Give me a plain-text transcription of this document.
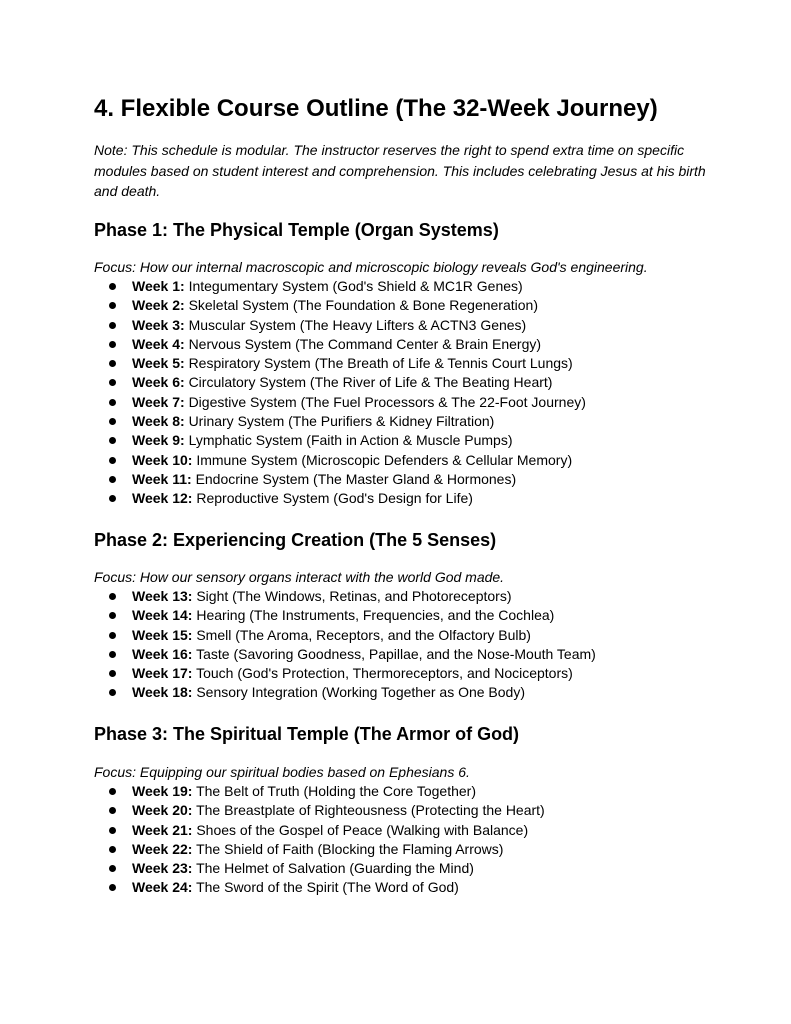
4. Flexible Course Outline (The 32-Week Journey)

Note: This schedule is modular. The instructor reserves the right to spend extra time on specific modules based on student interest and comprehension. This includes celebrating Jesus at his birth and death.

Phase 1: The Physical Temple (Organ Systems)

Focus: How our internal macroscopic and microscopic biology reveals God's engineering.

Week 1: Integumentary System (God's Shield & MC1R Genes)
Week 2: Skeletal System (The Foundation & Bone Regeneration)
Week 3: Muscular System (The Heavy Lifters & ACTN3 Genes)
Week 4: Nervous System (The Command Center & Brain Energy)
Week 5: Respiratory System (The Breath of Life & Tennis Court Lungs)
Week 6: Circulatory System (The River of Life & The Beating Heart)
Week 7: Digestive System (The Fuel Processors & The 22-Foot Journey)
Week 8: Urinary System (The Purifiers & Kidney Filtration)
Week 9: Lymphatic System (Faith in Action & Muscle Pumps)
Week 10: Immune System (Microscopic Defenders & Cellular Memory)
Week 11: Endocrine System (The Master Gland & Hormones)
Week 12: Reproductive System (God's Design for Life)
Phase 2: Experiencing Creation (The 5 Senses)

Focus: How our sensory organs interact with the world God made.

Week 13: Sight (The Windows, Retinas, and Photoreceptors)
Week 14: Hearing (The Instruments, Frequencies, and the Cochlea)
Week 15: Smell (The Aroma, Receptors, and the Olfactory Bulb)
Week 16: Taste (Savoring Goodness, Papillae, and the Nose-Mouth Team)
Week 17: Touch (God's Protection, Thermoreceptors, and Nociceptors)
Week 18: Sensory Integration (Working Together as One Body)
Phase 3: The Spiritual Temple (The Armor of God)

Focus: Equipping our spiritual bodies based on Ephesians 6.

Week 19: The Belt of Truth (Holding the Core Together)
Week 20: The Breastplate of Righteousness (Protecting the Heart)
Week 21: Shoes of the Gospel of Peace (Walking with Balance)
Week 22: The Shield of Faith (Blocking the Flaming Arrows)
Week 23: The Helmet of Salvation (Guarding the Mind)
Week 24: The Sword of the Spirit (The Word of God)
